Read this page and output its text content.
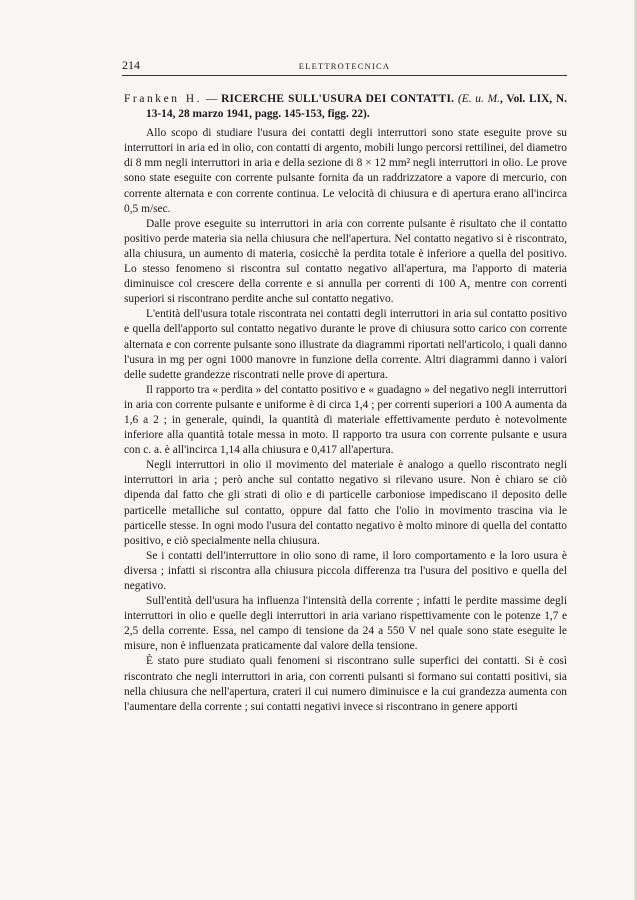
214	ELETTROTECNICA

Franken H. — RICERCHE SULL'USURA DEI CONTATTI. (E. u. M., Vol. LIX, N. 13-14, 28 marzo 1941, pagg. 145-153, figg. 22).

Allo scopo di studiare l'usura dei contatti degli interruttori sono state eseguite prove su interruttori in aria ed in olio, con contatti di argento, mobili lungo percorsi rettilinei, del diametro di 8 mm negli interruttori in aria e della sezione di 8 × 12 mm² negli interruttori in olio. Le prove sono state eseguite con corrente pulsante fornita da un raddrizzatore a vapore di mercurio, con corrente alternata e con corrente continua. Le velocità di chiusura e di apertura erano all'incirca 0,5 m/sec.

Dalle prove eseguite su interruttori in aria con corrente pulsante è risultato che il contatto positivo perde materia sia nella chiusura che nell'apertura. Nel contatto negativo si è riscontrato, alla chiusura, un aumento di materia, cosicchè la perdita totale è inferiore a quella del positivo. Lo stesso fenomeno si riscontra sul contatto negativo all'apertura, ma l'apporto di materia diminuisce col crescere della corrente e si annulla per correnti di 100 A, mentre con correnti superiori si riscontrano perdite anche sul contatto negativo.

L'entità dell'usura totale riscontrata nei contatti degli interruttori in aria sul contatto positivo e quella dell'apporto sul contatto negativo durante le prove di chiusura sotto carico con corrente alternata e con corrente pulsante sono illustrate da diagrammi riportati nell'articolo, i quali danno l'usura in mg per ogni 1000 manovre in funzione della corrente. Altri diagrammi danno i valori delle sudette grandezze riscontrati nelle prove di apertura.

Il rapporto tra « perdita » del contatto positivo e « guadagno » del negativo negli interruttori in aria con corrente pulsante e uniforme è di circa 1,4 ; per correnti superiori a 100 A aumenta da 1,6 a 2 ; in generale, quindi, la quantità di materiale effettivamente perduto è notevolmente inferiore alla quantità totale messa in moto. Il rapporto tra usura con corrente pulsante e usura con c. a. è all'incirca 1,14 alla chiusura e 0,417 all'apertura.

Negli interruttori in olio il movimento del materiale è analogo a quello riscontrato negli interruttori in aria ; però anche sul contatto negativo si rilevano usure. Non è chiaro se ciò dipenda dal fatto che gli strati di olio e di particelle carboniose impediscano il deposito delle particelle metalliche sul contatto, oppure dal fatto che l'olio in movimento trascina via le particelle stesse. In ogni modo l'usura del contatto negativo è molto minore di quella del contatto positivo, e ciò specialmente nella chiusura.

Se i contatti dell'interruttore in olio sono di rame, il loro comportamento e la loro usura è diversa ; infatti si riscontra alla chiusura piccola differenza tra l'usura del positivo e quella del negativo.

Sull'entità dell'usura ha influenza l'intensità della corrente ; infatti le perdite massime degli interruttori in olio e quelle degli interruttori in aria variano rispettivamente con le potenze 1,7 e 2,5 della corrente. Essa, nel campo di tensione da 24 a 550 V nel quale sono state eseguite le misure, non è influenzata praticamente dal valore della tensione.

È stato pure studiato quali fenomeni si riscontrano sulle superfici dei contatti. Si è così riscontrato che negli interruttori in aria, con correnti pulsanti si formano sui contatti positivi, sia nella chiusura che nell'apertura, crateri il cui numero diminuisce e la cui grandezza aumenta con l'aumentare della corrente ; sui contatti negativi invece si riscontrano in genere apporti
